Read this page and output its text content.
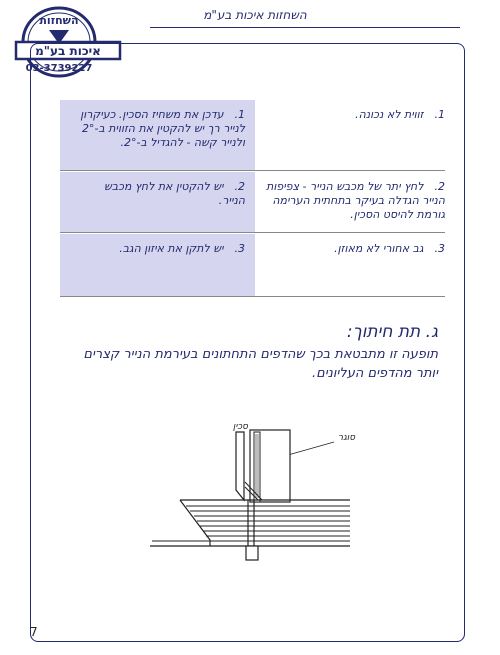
השחזות איכות בע"מ
השחזות
איכות בע"מ
03-3739227
1. עדכן את משחיז הסכין. כעיקרון לנייר רך יש להקטין את הזווית ב-2° ולנייר קשה - להגדיל ב-2°.
1. זווית לא נכונה.
2. יש להקטין את לחץ מכבש הנייר.
2. לחץ יתר של מכבש הנייר - צפיפות הנייר הגדלה בעיקר בתחתית הערימה גורמת להיסט הסכין.
3. יש לתקן את איזון הגב.	3. גב אחורי לא מאוזן.
ג. תת חיתוך:
תופעה זו מתבטאת בכך שהדפים התחתונים בעירמת הנייר קצרים יותר מהדפים העליונים.
סכין
סוגר
7
